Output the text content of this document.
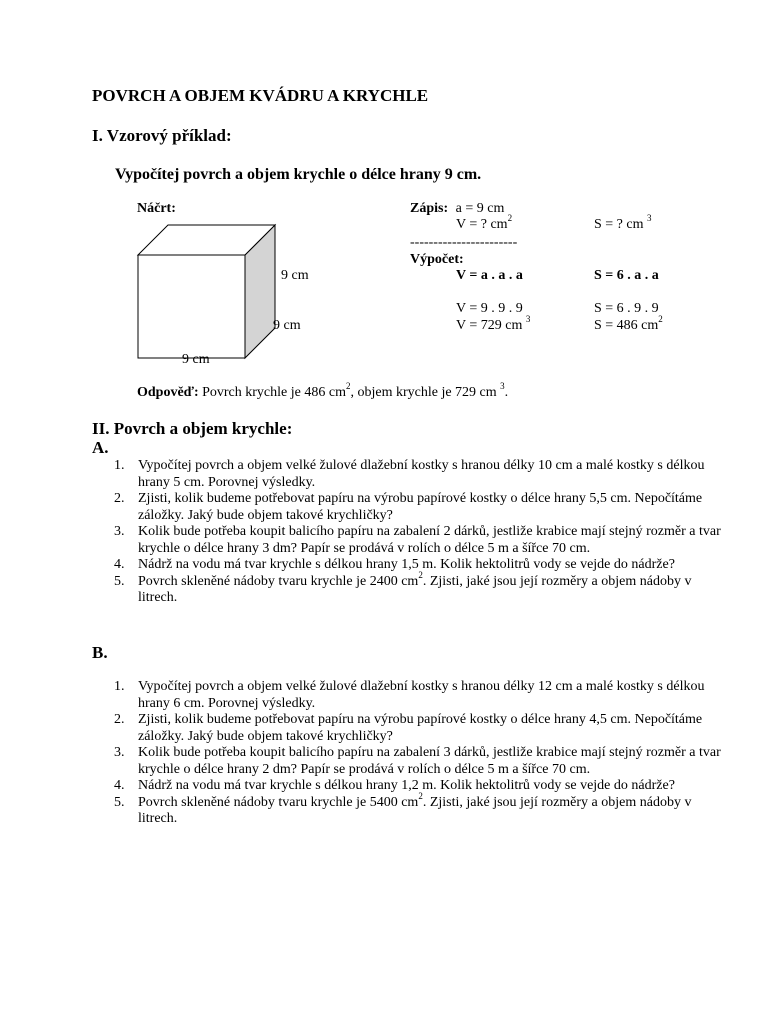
POVRCH A OBJEM KVÁDRU A KRYCHLE
I. Vzorový příklad:
Vypočítej povrch a objem krychle o délce hrany 9 cm.
Náčrt:
9 cm
9 cm
9 cm
Zápis: a = 9 cm
V = ? $cm^2$	S = ? cm $^3$
-----------------------
Výpočet:
V = a . a . a	S = 6 . a . a
V = 9 . 9 . 9	S = 6 . 9 . 9
V = 729 cm $^3$	S = 486 $cm^2$
Odpověď: Povrch krychle je 486 $cm^2$, objem krychle je 729 cm $^3$.
II. Povrch a objem krychle:
A.
1. Vypočítej povrch a objem velké žulové dlažební kostky s hranou délky 10 cm a malé kostky s délkou hrany 5 cm. Porovnej výsledky.
2. Zjisti, kolik budeme potřebovat papíru na výrobu papírové kostky o délce hrany 5,5 cm. Nepočítáme záložky. Jaký bude objem takové krychličky?
3. Kolik bude potřeba koupit balicího papíru na zabalení 2 dárků, jestliže krabice mají stejný rozměr a tvar krychle o délce hrany 3 dm? Papír se prodává v rolích o délce 5 m a šířce 70 cm.
4. Nádrž na vodu má tvar krychle s délkou hrany 1,5 m. Kolik hektolitrů vody se vejde do nádrže?
5. Povrch skleněné nádoby tvaru krychle je 2400 $cm^2$. Zjisti, jaké jsou její rozměry a objem nádoby v litrech.
B.
1. Vypočítej povrch a objem velké žulové dlažební kostky s hranou délky 12 cm a malé kostky s délkou hrany 6 cm. Porovnej výsledky.
2. Zjisti, kolik budeme potřebovat papíru na výrobu papírové kostky o délce hrany 4,5 cm. Nepočítáme záložky. Jaký bude objem takové krychličky?
3. Kolik bude potřeba koupit balicího papíru na zabalení 3 dárků, jestliže krabice mají stejný rozměr a tvar krychle o délce hrany 2 dm? Papír se prodává v rolích o délce 5 m a šířce 70 cm.
4. Nádrž na vodu má tvar krychle s délkou hrany 1,2 m. Kolik hektolitrů vody se vejde do nádrže?
5. Povrch skleněné nádoby tvaru krychle je 5400 $cm^2$. Zjisti, jaké jsou její rozměry a objem nádoby v litrech.
